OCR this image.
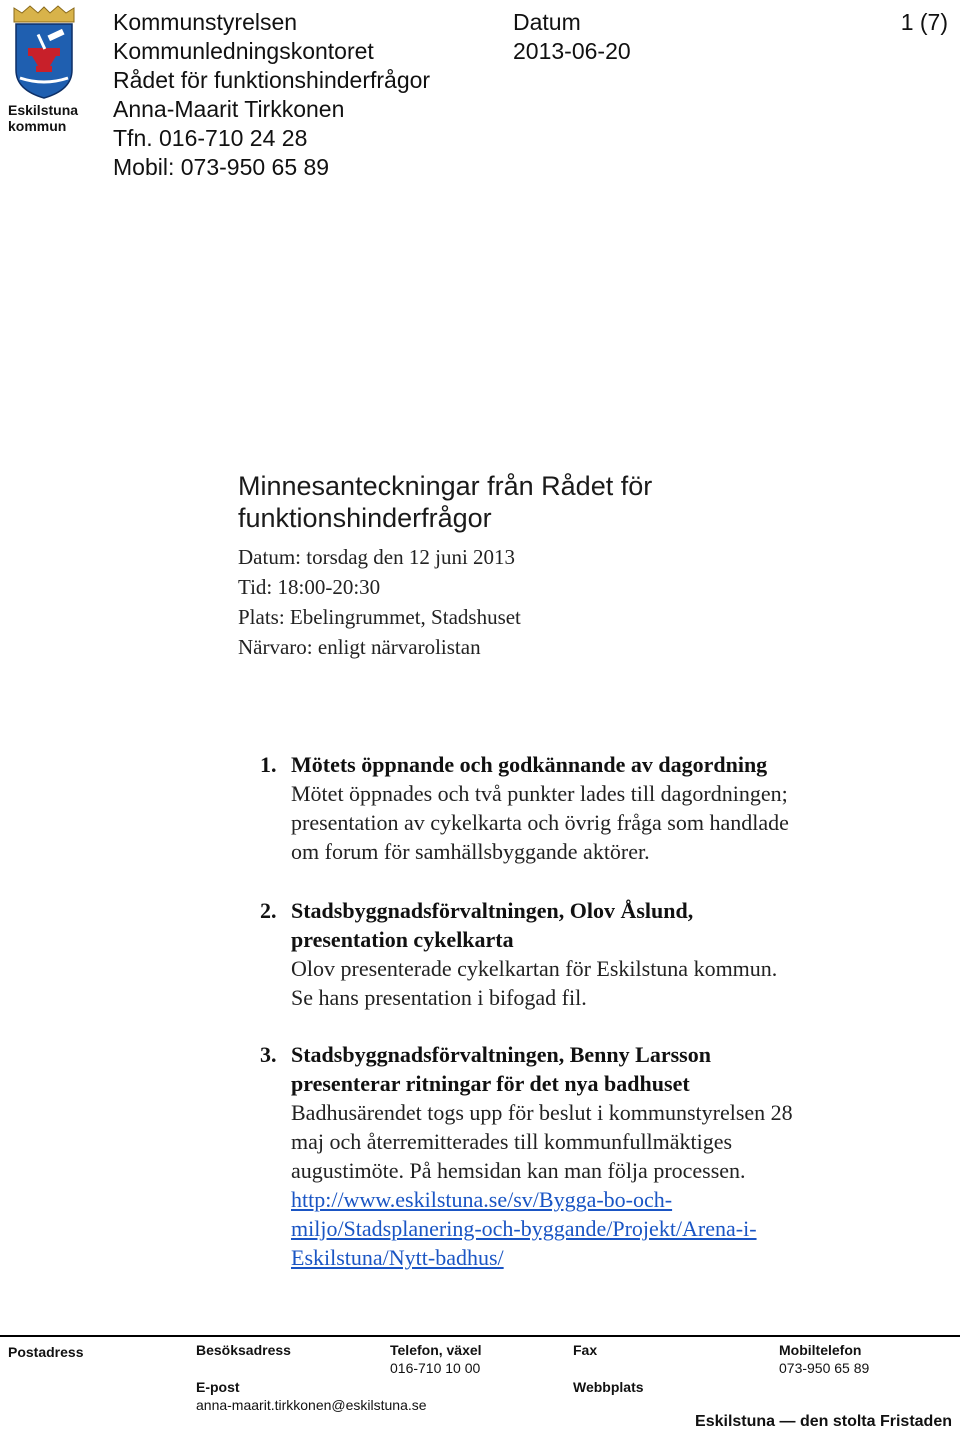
Eskilstuna
kommun
Kommunstyrelsen
Kommunledningskontoret
Rådet för funktionshinderfrågor
Anna-Maarit Tirkkonen
Tfn. 016-710 24 28
Mobil: 073-950 65 89
Datum
2013-06-20
1 (7)
Minnesanteckningar från Rådet för
funktionshinderfrågor
Datum: torsdag den 12 juni 2013
Tid: 18:00-20:30
Plats: Ebelingrummet, Stadshuset
Närvaro: enligt närvarolistan
1. Mötets öppnande och godkännande av dagordning
Mötet öppnades och två punkter lades till dagordningen;
presentation av cykelkarta och övrig fråga som handlade
om forum för samhällsbyggande aktörer.
2. Stadsbyggnadsförvaltningen, Olov Åslund,
presentation cykelkarta
Olov presenterade cykelkartan för Eskilstuna kommun.
Se hans presentation i bifogad fil.
3. Stadsbyggnadsförvaltningen, Benny Larsson
presenterar ritningar för det nya badhuset
Badhusärendet togs upp för beslut i kommunstyrelsen 28
maj och återremitterades till kommunfullmäktiges
augustimöte. På hemsidan kan man följa processen.
http://www.eskilstuna.se/sv/Bygga-bo-och-
miljo/Stadsplanering-och-byggande/Projekt/Arena-i-
Eskilstuna/Nytt-badhus/
Postadress	Besöksadress	Telefon, växel
016-710 10 00
Fax	Mobiltelefon
073-950 65 89
E-post
anna-maarit.tirkkonen@eskilstuna.se
Webbplats
Eskilstuna — den stolta Fristaden
